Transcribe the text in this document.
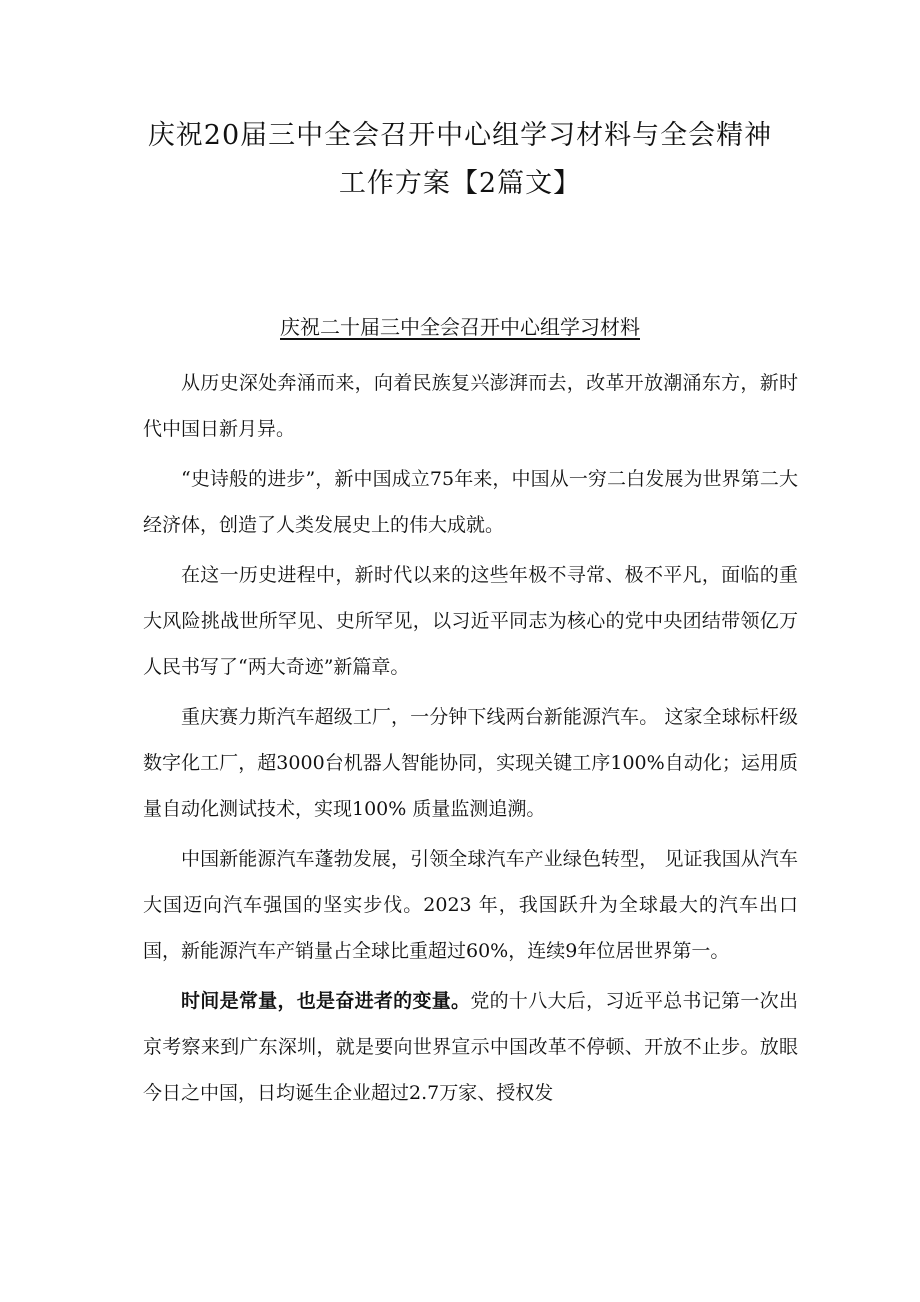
庆祝20届三中全会召开中心组学习材料与全会精神
工作方案【2篇文】
庆祝二十届三中全会召开中心组学习材料

从历史深处奔涌而来，向着民族复兴澎湃而去，改革开放潮涌东方，新时代中国日新月异。

“史诗般的进步”，新中国成立75年来，中国从一穷二白发展为世界第二大经济体，创造了人类发展史上的伟大成就。

在这一历史进程中，新时代以来的这些年极不寻常、极不平凡，面临的重大风险挑战世所罕见、史所罕见，以习近平同志为核心的党中央团结带领亿万人民书写了“两大奇迹”新篇章。

重庆赛力斯汽车超级工厂，一分钟下线两台新能源汽车。 这家全球标杆级数字化工厂，超3000台机器人智能协同，实现关键工序100%自动化；运用质量自动化测试技术，实现100% 质量监测追溯。

中国新能源汽车蓬勃发展，引领全球汽车产业绿色转型， 见证我国从汽车大国迈向汽车强国的坚实步伐。2023 年，我国跃升为全球最大的汽车出口国，新能源汽车产销量占全球比重超过60%，连续9年位居世界第一。

时间是常量，也是奋进者的变量。党的十八大后，习近平总书记第一次出京考察来到广东深圳，就是要向世界宣示中国改革不停顿、开放不止步。放眼今日之中国，日均诞生企业超过2.7万家、授权发
